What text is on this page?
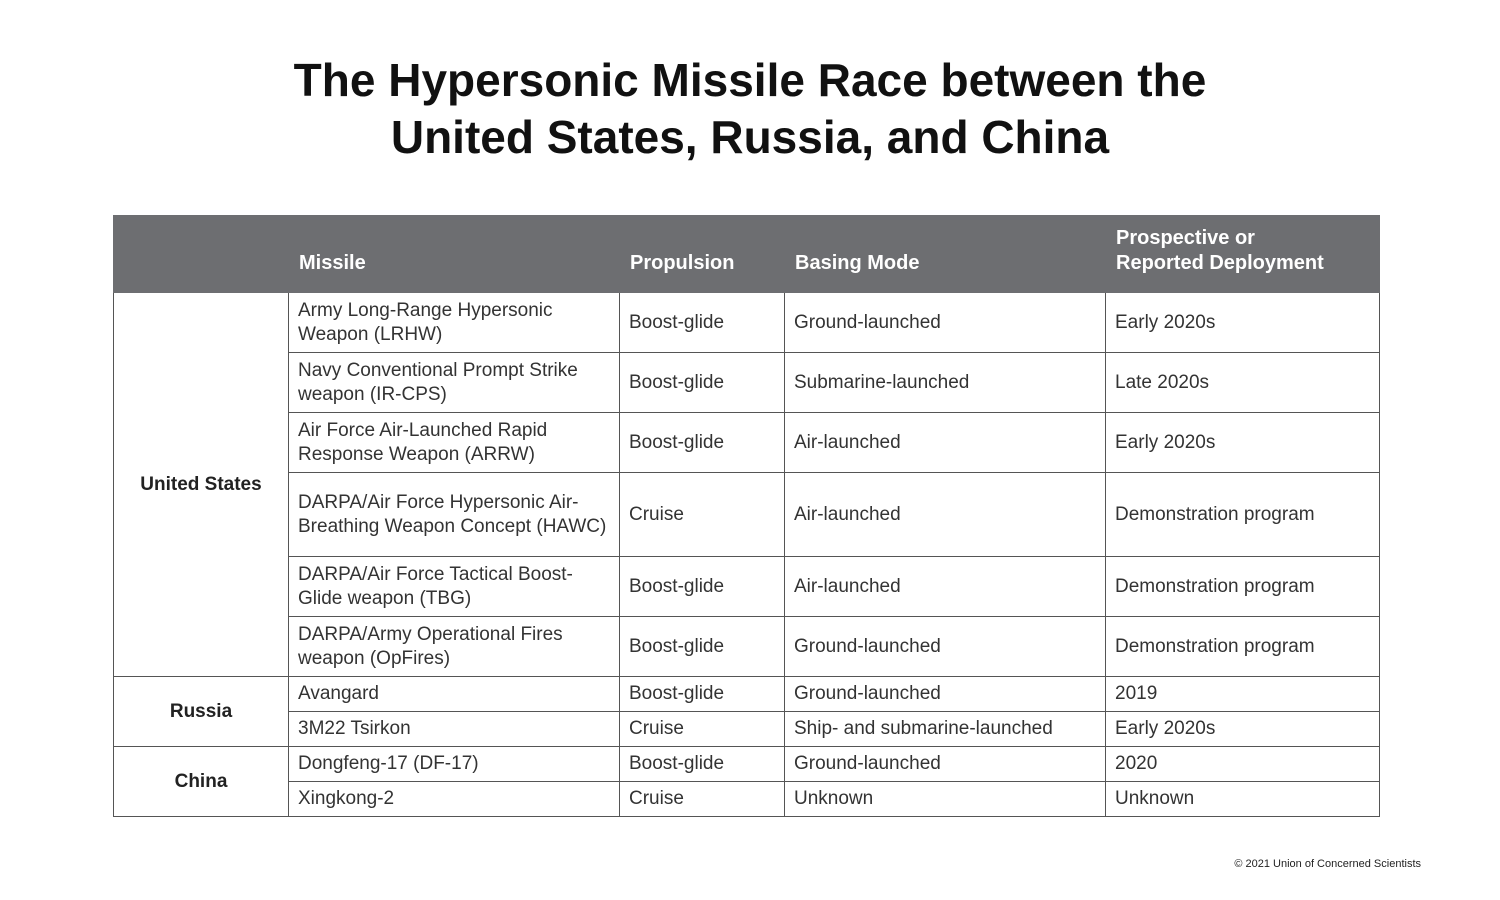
The Hypersonic Missile Race between the
United States, Russia, and China
	Missile	Propulsion	Basing Mode	Prospective or
Reported Deployment
United States	Army Long-Range Hypersonic Weapon (LRHW)	Boost-glide	Ground-launched	Early 2020s
	Navy Conventional Prompt Strike weapon (IR-CPS)	Boost-glide	Submarine-launched	Late 2020s
	Air Force Air-Launched Rapid Response Weapon (ARRW)	Boost-glide	Air-launched	Early 2020s
	DARPA/Air Force Hypersonic Air-Breathing Weapon Concept (HAWC)	Cruise	Air-launched	Demonstration program
	DARPA/Air Force Tactical Boost-Glide weapon (TBG)	Boost-glide	Air-launched	Demonstration program
	DARPA/Army Operational Fires weapon (OpFires)	Boost-glide	Ground-launched	Demonstration program
Russia	Avangard	Boost-glide	Ground-launched	2019
	3M22 Tsirkon	Cruise	Ship- and submarine-launched	Early 2020s
China	Dongfeng-17 (DF-17)	Boost-glide	Ground-launched	2020
	Xingkong-2	Cruise	Unknown	Unknown
© 2021 Union of Concerned Scientists
